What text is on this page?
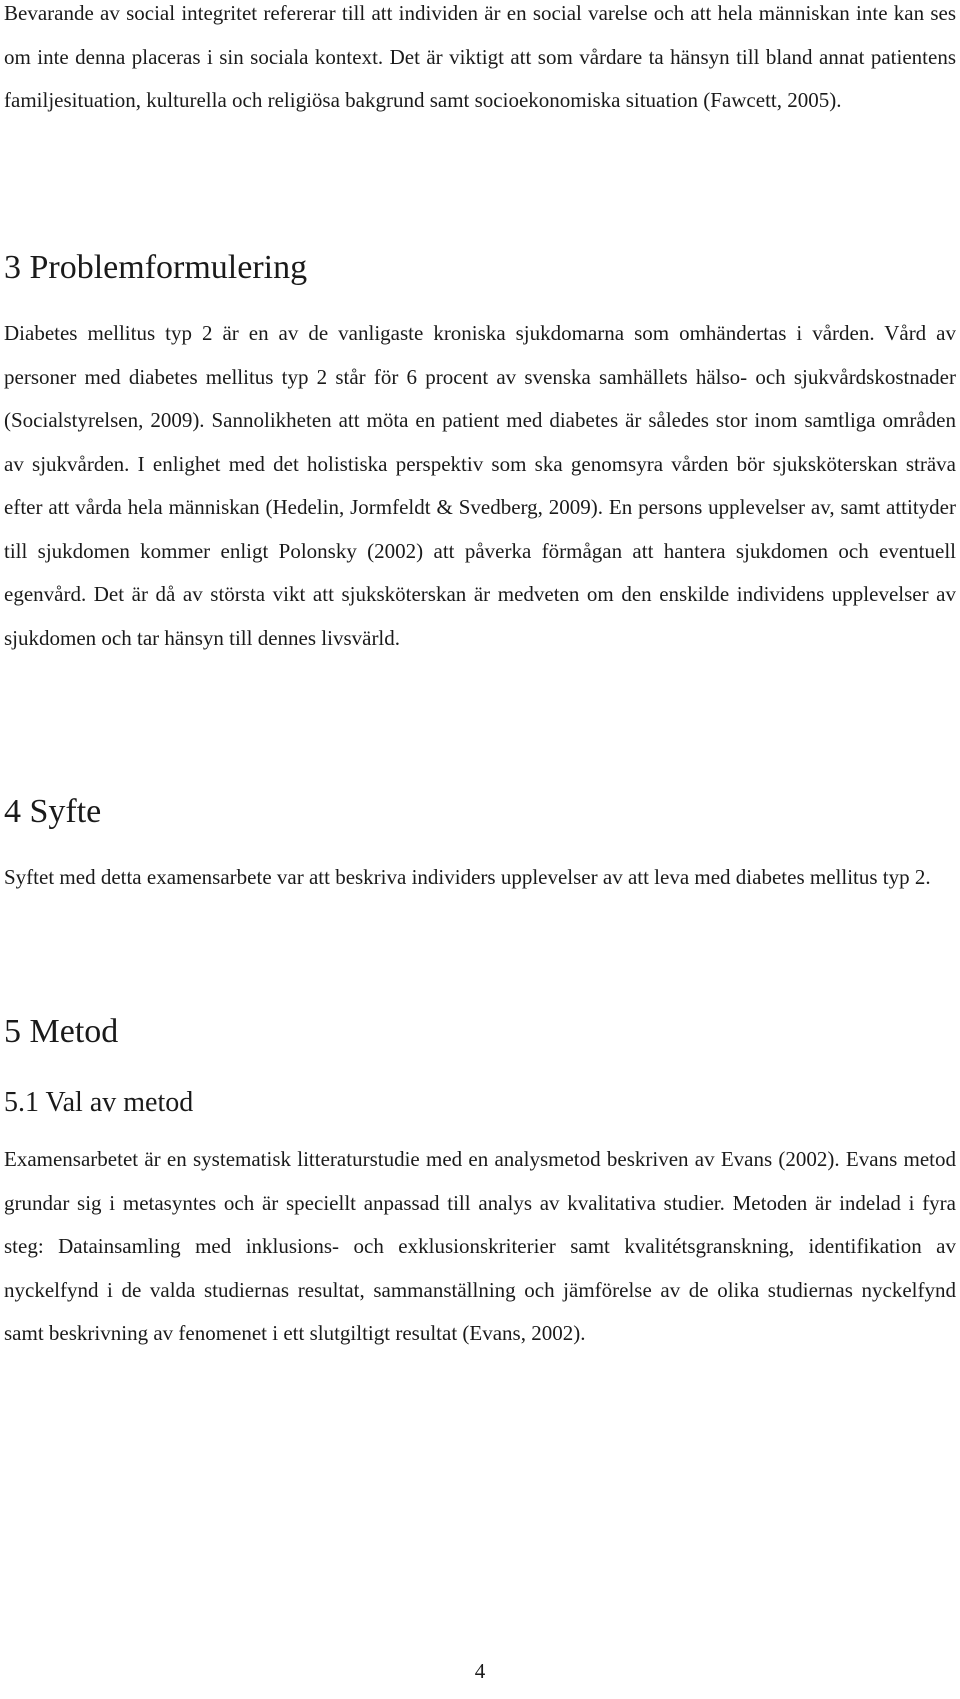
Bevarande av social integritet refererar till att individen är en social varelse och att hela människan inte kan ses om inte denna placeras i sin sociala kontext. Det är viktigt att som vårdare ta hänsyn till bland annat patientens familjesituation, kulturella och religiösa bakgrund samt socioekonomiska situation (Fawcett, 2005).

3 Problemformulering

Diabetes mellitus typ 2 är en av de vanligaste kroniska sjukdomarna som omhändertas i vården. Vård av personer med diabetes mellitus typ 2 står för 6 procent av svenska samhällets hälso- och sjukvårdskostnader (Socialstyrelsen, 2009). Sannolikheten att möta en patient med diabetes är således stor inom samtliga områden av sjukvården. I enlighet med det holistiska perspektiv som ska genomsyra vården bör sjuksköterskan sträva efter att vårda hela människan (Hedelin, Jormfeldt & Svedberg, 2009). En persons upplevelser av, samt attityder till sjukdomen kommer enligt Polonsky (2002) att påverka förmågan att hantera sjukdomen och eventuell egenvård. Det är då av största vikt att sjuksköterskan är medveten om den enskilde individens upplevelser av sjukdomen och tar hänsyn till dennes livsvärld.

4 Syfte

Syftet med detta examensarbete var att beskriva individers upplevelser av att leva med diabetes mellitus typ 2.

5 Metod
5.1 Val av metod

Examensarbetet är en systematisk litteraturstudie med en analysmetod beskriven av Evans (2002). Evans metod grundar sig i metasyntes och är speciellt anpassad till analys av kvalitativa studier. Metoden är indelad i fyra steg: Datainsamling med inklusions- och exklusionskriterier samt kvalitétsgranskning, identifikation av nyckelfynd i de valda studiernas resultat, sammanställning och jämförelse av de olika studiernas nyckelfynd samt beskrivning av fenomenet i ett slutgiltigt resultat (Evans, 2002).

4
